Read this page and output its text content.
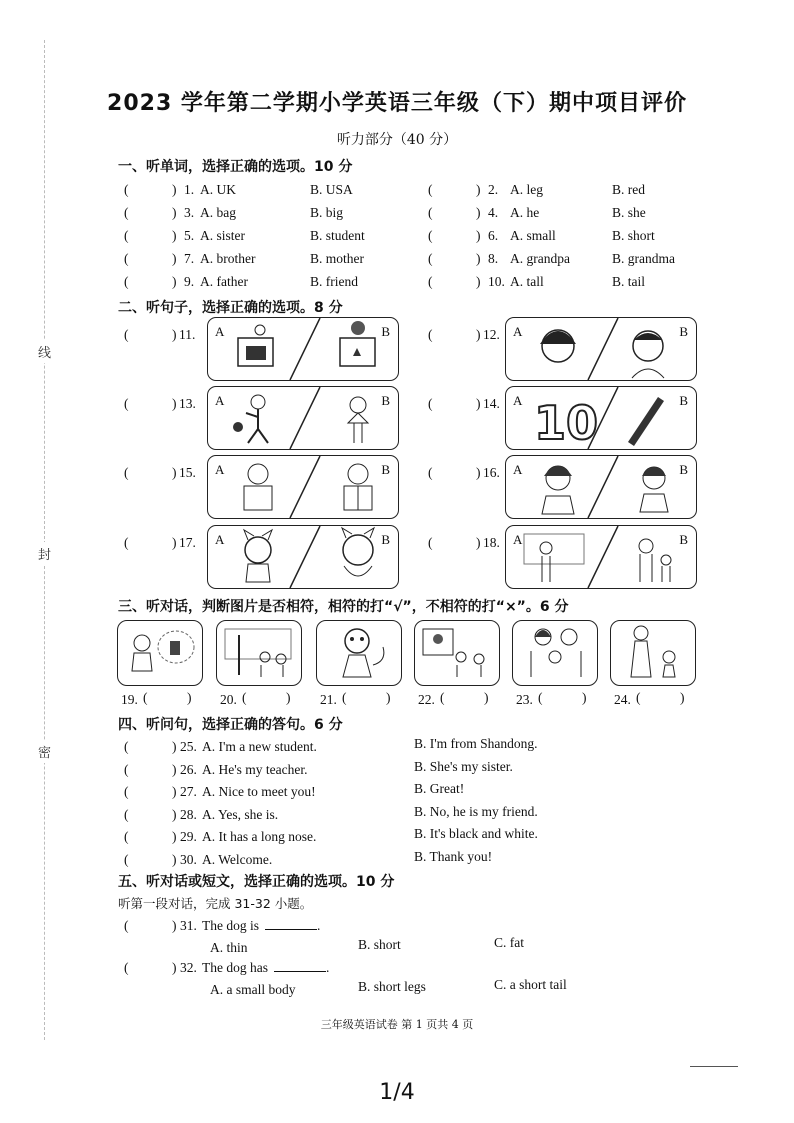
线
封
密
2023 学年第二学期小学英语三年级（下）期中项目评价
听力部分（40 分）
一、听单词，选择正确的选项。10 分
(	) 1. A. UK	B. USA	(	) 2. A. leg	B. red
(	) 3. A. bag	B. big	(	) 4. A. he	B. she
(	) 5. A. sister	B. student	(	) 6. A. small	B. short
(	) 7. A. brother	B. mother	(	) 8. A. grandpa	B. grandma
(	) 9. A. father	B. friend	(	) 10. A. tall	B. tail
二、听句子，选择正确的选项。8 分
(	) 11. A	B	(	) 12. A	B
(	) 13. A	B	(	) 14. 10
A	B
(	) 15. A	B	(	) 16. A	B
(	) 17. A	B	(	) 18. A	B
三、听对话，判断图片是否相符，相符的打“√”，不相符的打“×”。6 分
19. (	) 20. (	) 21. (	) 22. (	) 23. (	) 24. (	)
四、听问句，选择正确的答句。6 分
(	) 25. A. I'm a new student.	B. I'm from Shandong.
(	) 26. A. He's my teacher.	B. She's my sister.
(	) 27. A. Nice to meet you!	B. Great!
(	) 28. A. Yes, she is.	B. No, he is my friend.
(	) 29. A. It has a long nose.	B. It's black and white.
(	) 30. A. Welcome.	B. Thank you!
五、听对话或短文，选择正确的选项。10 分
听第一段对话，完成 31-32 小题。
(	) 31. The dog is	.
A. thin	B. short	C. fat
(	) 32. The dog has	.
A. a small body	B. short legs	C. a short tail
三年级英语试卷 第 1 页共 4 页
1/4
